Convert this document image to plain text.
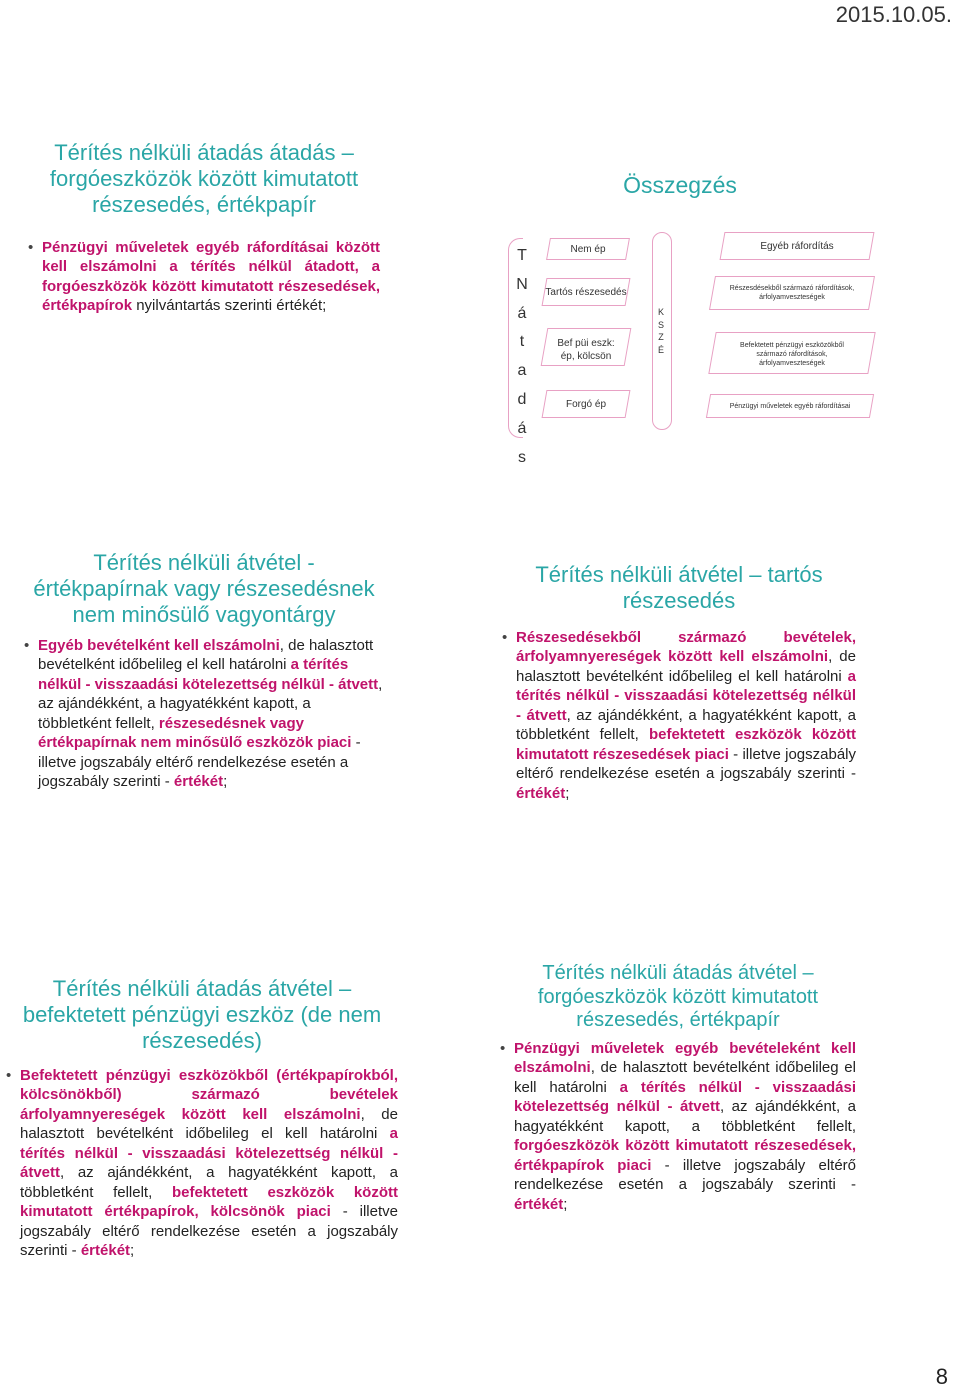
2015.10.05.
Térítés nélküli átadás átadás –
forgóeszközök között kimutatott
részesedés, értékpapír
• Pénzügyi műveletek egyéb ráfordításai között kell elszámolni a térítés nélkül átadott, a forgóeszközök között kimutatott részesedések, értékpapírok nyilvántartás szerinti értékét;
Összegzés
T
N
á
t
a
d
á
s
Nem ép
Tartós részesedés
Bef püi eszk: ép, kölcsön
Forgó ép
K
S
Z
É
Egyéb ráfordítás
Részesdésekből származó ráfordítások, árfolyamveszteségek
Befektetett pénzügyi eszközökből származó ráfordítások, árfolyamveszteségek
Pénzügyi műveletek egyéb ráfordításai
Térítés nélküli átvétel -
értékpapírnak vagy részesedésnek
nem minősülő vagyontárgy
• Egyéb bevételként kell elszámolni, de halasztott bevételként időbelileg el kell határolni a térítés nélkül - visszaadási kötelezettség nélkül - átvett, az ajándékként, a hagyatékként kapott, a többletként fellelt, részesedésnek vagy értékpapírnak nem minősülő eszközök piaci - illetve jogszabály eltérő rendelkezése esetén a jogszabály szerinti - értékét;
Térítés nélküli átvétel – tartós
részesedés
• Részesedésekből származó bevételek, árfolyamnyereségek között kell elszámolni, de halasztott bevételként időbelileg el kell határolni a térítés nélkül - visszaadási kötelezettség nélkül - átvett, az ajándékként, a hagyatékként kapott, a többletként fellelt, befektetett eszközök között kimutatott részesedések piaci - illetve jogszabály eltérő rendelkezése esetén a jogszabály szerinti - értékét;
Térítés nélküli átadás átvétel –
befektetett pénzügyi eszköz (de nem
részesedés)
• Befektetett pénzügyi eszközökből (értékpapírokból, kölcsönökből) származó bevételek árfolyamnyereségek között kell elszámolni, de halasztott bevételként időbelileg el kell határolni a térítés nélkül - visszaadási kötelezettség nélkül - átvett, az ajándékként, a hagyatékként kapott, a többletként fellelt, befektetett eszközök között kimutatott értékpapírok, kölcsönök piaci - illetve jogszabály eltérő rendelkezése esetén a jogszabály szerinti - értékét;
Térítés nélküli átadás átvétel –
forgóeszközök között kimutatott
részesedés, értékpapír
• Pénzügyi műveletek egyéb bevételeként kell elszámolni, de halasztott bevételként időbelileg el kell határolni a térítés nélkül - visszaadási kötelezettség nélkül - átvett, az ajándékként, a hagyatékként kapott, a többletként fellelt, forgóeszközök között kimutatott részesedések, értékpapírok piaci - illetve jogszabály eltérő rendelkezése esetén a jogszabály szerinti - értékét;
8
